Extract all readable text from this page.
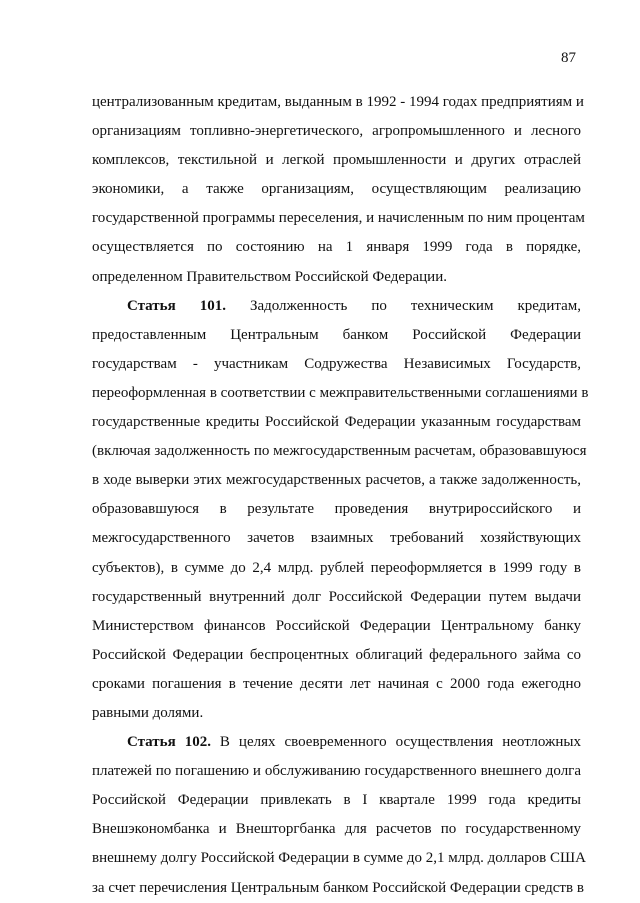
87
централизованным кредитам, выданным в 1992 - 1994 годах предприятиям и
организациям топливно-энергетического, агропромышленного и лесного
комплексов, текстильной и легкой промышленности и других отраслей
экономики, а также организациям, осуществляющим реализацию
государственной программы переселения, и начисленным по ним процентам
осуществляется по состоянию на 1 января 1999 года в порядке,
определенном Правительством Российской Федерации.
Статья 101. Задолженность по техническим кредитам,
предоставленным Центральным банком Российской Федерации
государствам - участникам Содружества Независимых Государств,
переоформленная в соответствии с межправительственными соглашениями в
государственные кредиты Российской Федерации указанным государствам
(включая задолженность по межгосударственным расчетам, образовавшуюся
в ходе выверки этих межгосударственных расчетов, а также задолженность,
образовавшуюся в результате проведения внутрироссийского и
межгосударственного зачетов взаимных требований хозяйствующих
субъектов), в сумме до 2,4 млрд. рублей переоформляется в 1999 году в
государственный внутренний долг Российской Федерации путем выдачи
Министерством финансов Российской Федерации Центральному банку
Российской Федерации беспроцентных облигаций федерального займа со
сроками погашения в течение десяти лет начиная с 2000 года ежегодно
равными долями.
Статья 102. В целях своевременного осуществления неотложных
платежей по погашению и обслуживанию государственного внешнего долга
Российской Федерации привлекать в I квартале 1999 года кредиты
Внешэкономбанка и Внешторгбанка для расчетов по государственному
внешнему долгу Российской Федерации в сумме до 2,1 млрд. долларов США
за счет перечисления Центральным банком Российской Федерации средств в
